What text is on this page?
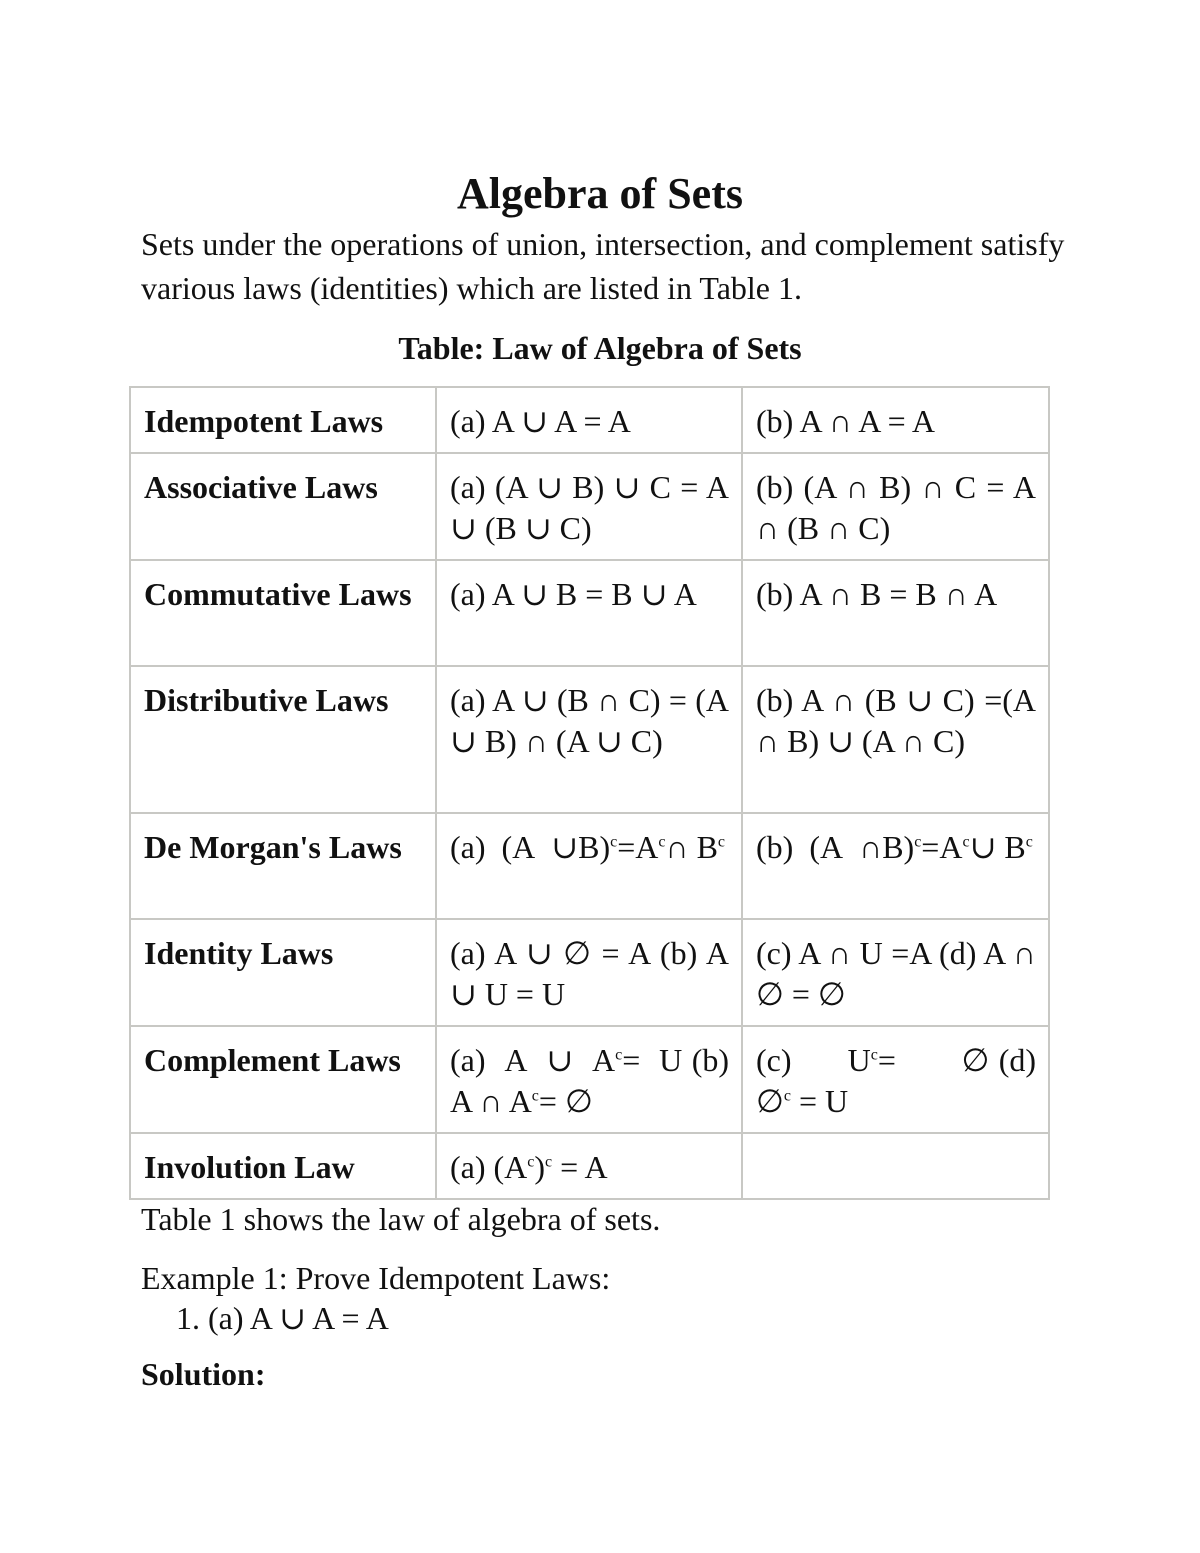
Algebra of Sets
Sets under the operations of union, intersection, and complement satisfy various laws (identities) which are listed in Table 1.
Table: Law of Algebra of Sets
Idempotent Laws	(a) A ∪ A = A	(b) A ∩ A = A
Associative Laws	(a) (A ∪ B) ∪ C = A ∪ (B ∪ C)	(b) (A ∩ B) ∩ C = A ∩ (B ∩ C)
Commutative Laws	(a) A ∪ B = B ∪ A	(b) A ∩ B = B ∩ A
Distributive Laws	(a) A ∪ (B ∩ C) = (A ∪ B) ∩ (A ∪ C)	(b) A ∩ (B ∪ C) =(A ∩ B) ∪ (A ∩ C)
De Morgan's Laws	(a)  (A  $\cup B)^c=A^c\cap$ $B^c$	(b)  (A  $\cap B)^c=A^c\cup$ $B^c$
Identity Laws	(a) A ∪ ∅ = A (b) A ∪ U = U	(c) A ∩ U =A (d) A ∩ ∅ = ∅
Complement Laws	(a)  A  ∪  $A^c= U$ (b) A ∩ $A^c=$ ∅	(c)      $U^c=$       ∅ (d) ∅$^c$ = U
Involution Law	(a) $(A^c)^c = A$	
Table 1 shows the law of algebra of sets.
Example 1: Prove Idempotent Laws:
1. (a) A ∪ A = A
Solution:
